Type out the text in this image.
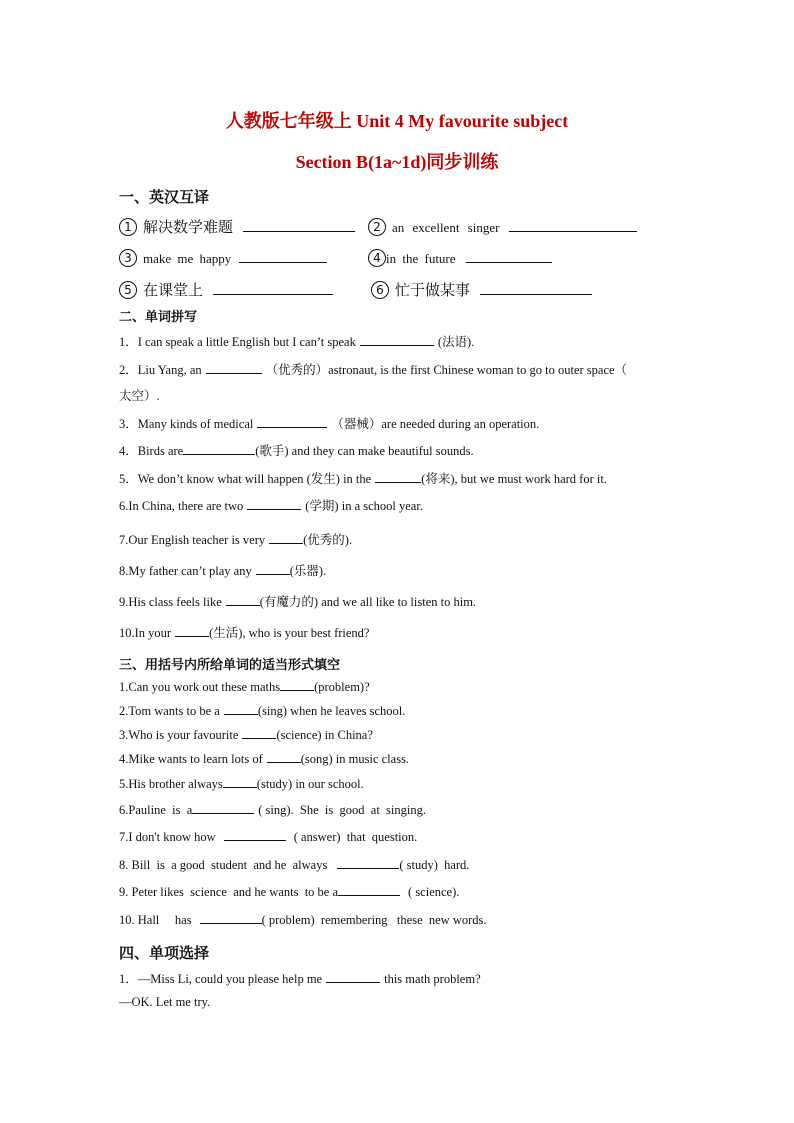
人教版七年级上 Unit 4 My favourite subject
Section B(1a~1d)同步训练
一、英汉互译
1 解决数学难题	2 an excellent singer
3 make me happy	4 in the future
5 在课堂上	6 忙于做某事
二、单词拼写
1．I can speak a little English but I can’t speak	(法语).
2．Liu Yang, an	（优秀的）astronaut, is the first Chinese woman to go to outer space（
太空）.
3．Many kinds of medical	（器械）are needed during an operation.
4．Birds are	(歌手) and they can make beautiful sounds.
5．We don’t know what will happen (发生) in the	(将来), but we must work hard for it.
6.In China, there are two	(学期) in a school year.
7.Our English teacher is very	(优秀的).
8.My father can’t play any	(乐器).
9.His class feels like	(有魔力的) and we all like to listen to him.
10.In your	(生活), who is your best friend?
三、用括号内所给单词的适当形式填空
1.Can you work out these maths	(problem)?
2.Tom wants to be a	(sing) when he leaves school.
3.Who is your favourite	(science) in China?
4.Mike wants to learn lots of	(song) in music class.
5.His brother always	(study) in our school.
6.Pauline  is  a	( sing).  She  is  good  at  singing.
7.I don't know how	( answer)  that  question.
8. Bill  is  a good  student  and he  always	( study)  hard.
9. Peter likes  science  and he wants  to be a	( science).
10. Hall     has	( problem)  remembering   these  new words.
四、单项选择
1．—Miss Li, could you please help me	this math problem?
—OK. Let me try.
